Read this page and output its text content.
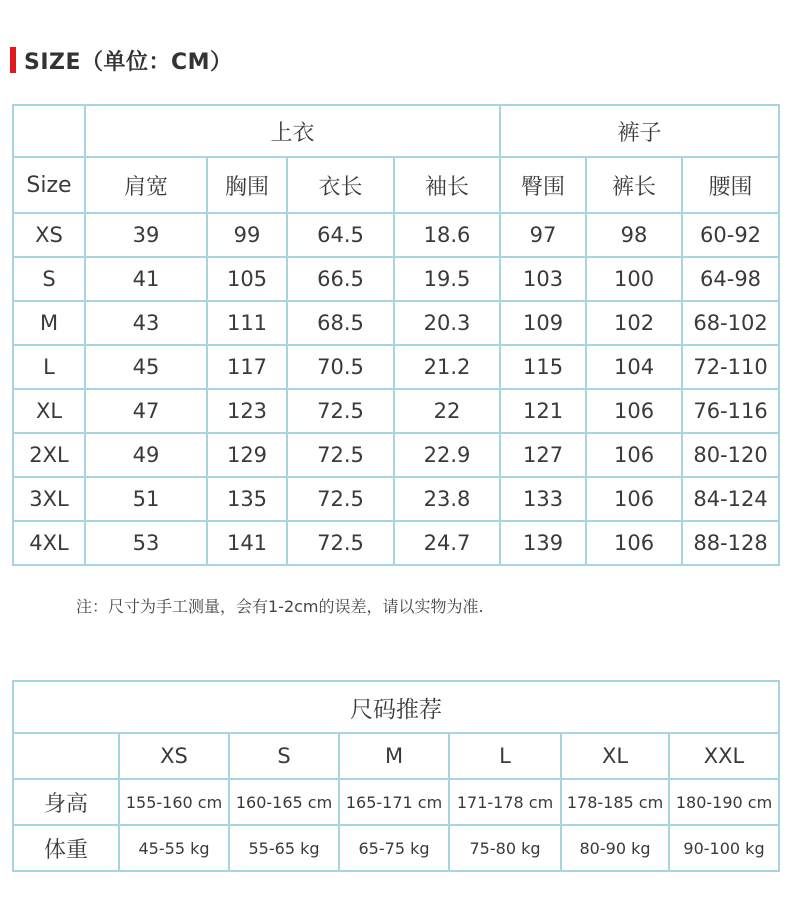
SIZE（单位：CM）
	上衣				裤子		
Size	肩宽	胸围	衣长	袖长	臀围	裤长	腰围
XS	39	99	64.5	18.6	97	98	60-92
S	41	105	66.5	19.5	103	100	64-98
M	43	111	68.5	20.3	109	102	68-102
L	45	117	70.5	21.2	115	104	72-110
XL	47	123	72.5	22	121	106	76-116
2XL	49	129	72.5	22.9	127	106	80-120
3XL	51	135	72.5	23.8	133	106	84-124
4XL	53	141	72.5	24.7	139	106	88-128
注：尺寸为手工测量，会有1-2cm的误差，请以实物为准.
尺码推荐						
	XS	S	M	L	XL	XXL
身高	155-160 cm	160-165 cm	165-171 cm	171-178 cm	178-185 cm	180-190 cm
体重	45-55 kg	55-65 kg	65-75 kg	75-80 kg	80-90 kg	90-100 kg
